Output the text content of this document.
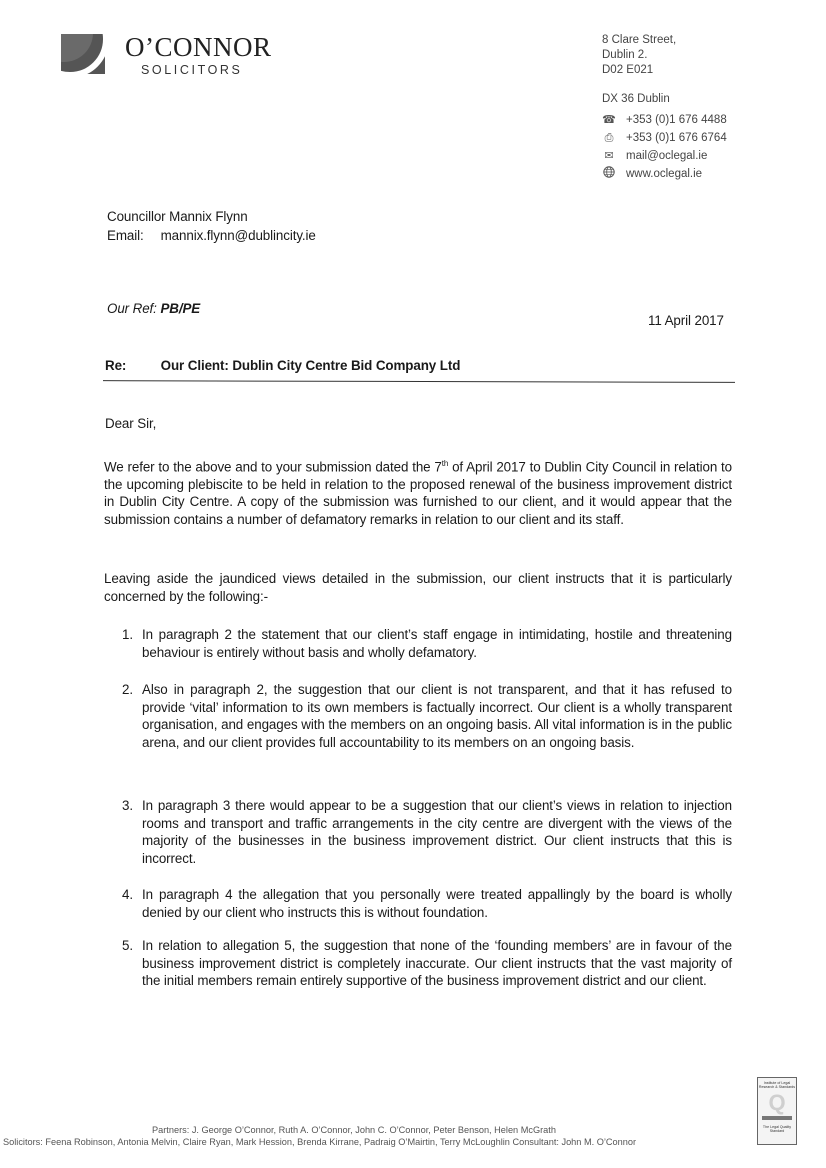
O’CONNOR
SOLICITORS
8 Clare Street,
Dublin 2.
D02 E021
DX 36 Dublin
☎ +353 (0)1 676 4488
⎙ +353 (0)1 676 6764
✉ mail@oclegal.ie
www.oclegal.ie
Councillor Mannix Flynn
Email: mannix.flynn@dublincity.ie
Our Ref: PB/PE
11 April 2017
Re:	Our Client: Dublin City Centre Bid Company Ltd
Dear Sir,
We refer to the above and to your submission dated the 7th of April 2017 to Dublin City Council in relation to the upcoming plebiscite to be held in relation to the proposed renewal of the business improvement district in Dublin City Centre. A copy of the submission was furnished to our client, and it would appear that the submission contains a number of defamatory remarks in relation to our client and its staff.
Leaving aside the jaundiced views detailed in the submission, our client instructs that it is particularly concerned by the following:-
1. In paragraph 2 the statement that our client’s staff engage in intimidating, hostile and threatening behaviour is entirely without basis and wholly defamatory.
2. Also in paragraph 2, the suggestion that our client is not transparent, and that it has refused to provide ‘vital’ information to its own members is factually incorrect. Our client is a wholly transparent organisation, and engages with the members on an ongoing basis. All vital information is in the public arena, and our client provides full accountability to its members on an ongoing basis.
3. In paragraph 3 there would appear to be a suggestion that our client’s views in relation to injection rooms and transport and traffic arrangements in the city centre are divergent with the views of the majority of the businesses in the business improvement district. Our client instructs that this is incorrect.
4. In paragraph 4 the allegation that you personally were treated appallingly by the board is wholly denied by our client who instructs this is without foundation.
5. In relation to allegation 5, the suggestion that none of the ‘founding members’ are in favour of the business improvement district is completely inaccurate. Our client instructs that the vast majority of the initial members remain entirely supportive of the business improvement district and our client.
Institute of Legal Research & Standards
Q
The Legal Quality Standard
Partners: J. George O’Connor, Ruth A. O’Connor, John C. O’Connor, Peter Benson, Helen McGrath
Solicitors: Feena Robinson, Antonia Melvin, Claire Ryan, Mark Hession, Brenda Kirrane, Padraig O’Mairtin, Terry McLoughlin Consultant: John M. O’Connor
